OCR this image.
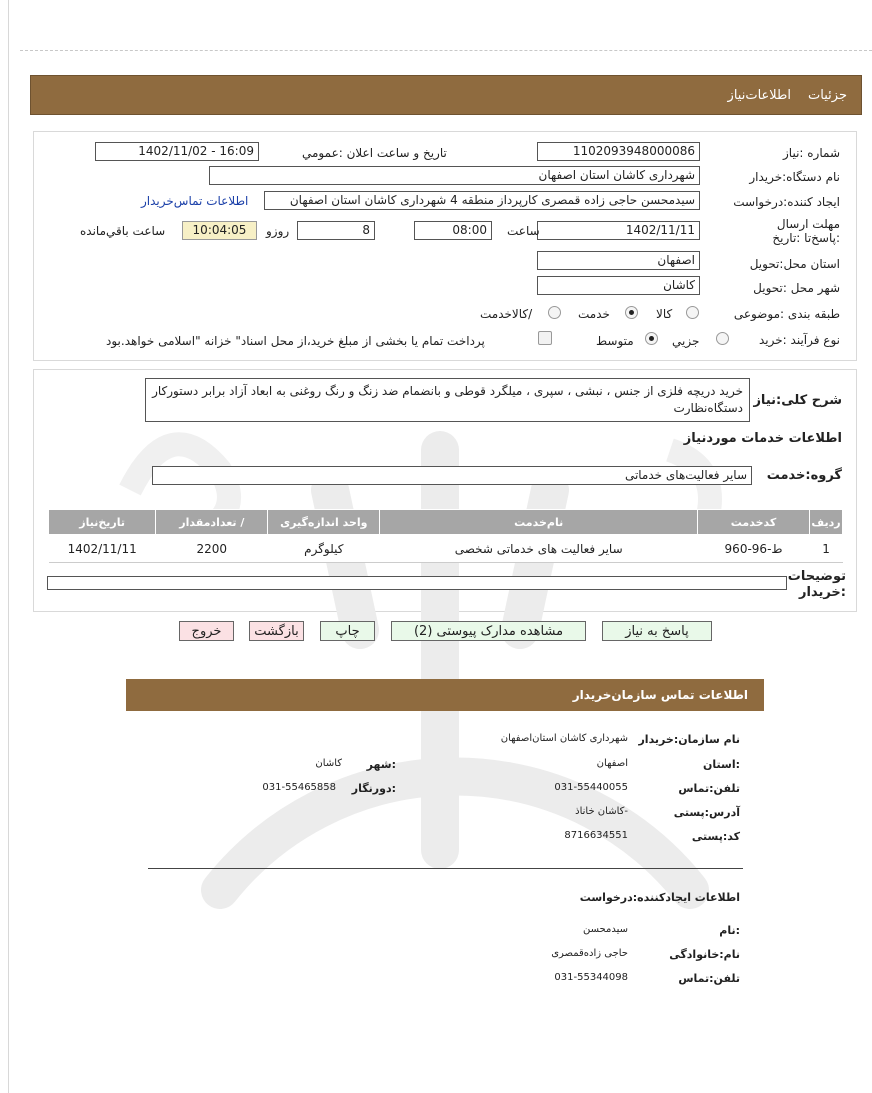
جزئیات
اطلاعات‌نیاز
شماره :نیاز
1102093948000086
تاریخ و ساعت اعلان :عمومي
1402/11/02 - 16:09
نام دستگاه:خريدار
شهرداری کاشان استان اصفهان
ايجاد کننده:درخواست
سیدمحسن حاجی زاده قمصری کارپرداز منطقه 4 شهرداری کاشان استان اصفهان
اطلاعات تماس‌خريدار
مهلت ارسال :پاسخ‌تا :تاريخ
1402/11/11
ساعت
08:00
8
روزو
10:04:05
ساعت باقي‌مانده
استان محل:تحويل
اصفهان
شهر محل :تحويل
کاشان
طبقه بندی :موضوعی
کالا
خدمت
/کالاخدمت
نوع فرآيند :خريد
جزيي
متوسط
پرداخت تمام يا بخشی از مبلغ خريد،از محل اسناد" خزانه "اسلامی خواهد.بود
شرح کلی:نياز
خرید دریچه فلزی از جنس ، نبشی ، سپری ، میلگرد قوطی و بانضمام ضد زنگ و رنگ روغنی به ابعاد آزاد برابر دستورکار دستگاه‌نظارت
اطلاعات خدمات موردنياز
گروه:خدمت
ساير فعاليت‌های خدماتی
رديف	کدخدمت	نام‌خدمت	واحد اندازه‌گيری	/ تعدادمقدار	تاريخ‌نياز
1	ط-96-960	ساير فعاليت های خدماتی شخصی	کيلوگرم	2200	1402/11/11
توضيحات :خريدار
پاسخ به نياز
مشاهده مدارک پيوستی (2)
چاپ
بازگشت
خروج
اطلاعات تماس سازمان‌خريدار
نام سازمان:خريدار
شهرداری کاشان استان‌اصفهان
:استان
اصفهان
:شهر
کاشان
تلفن:تماس
031-55440055
:دورنگار
031-55465858
آدرس:پستی
-کاشان خاناذ
کد:پستی
8716634551
اطلاعات ايجادکننده:درخواست
:نام
سیدمحسن
نام:خانوادگی
حاجی زاده‌قمصری
تلفن:تماس
031-55344098
